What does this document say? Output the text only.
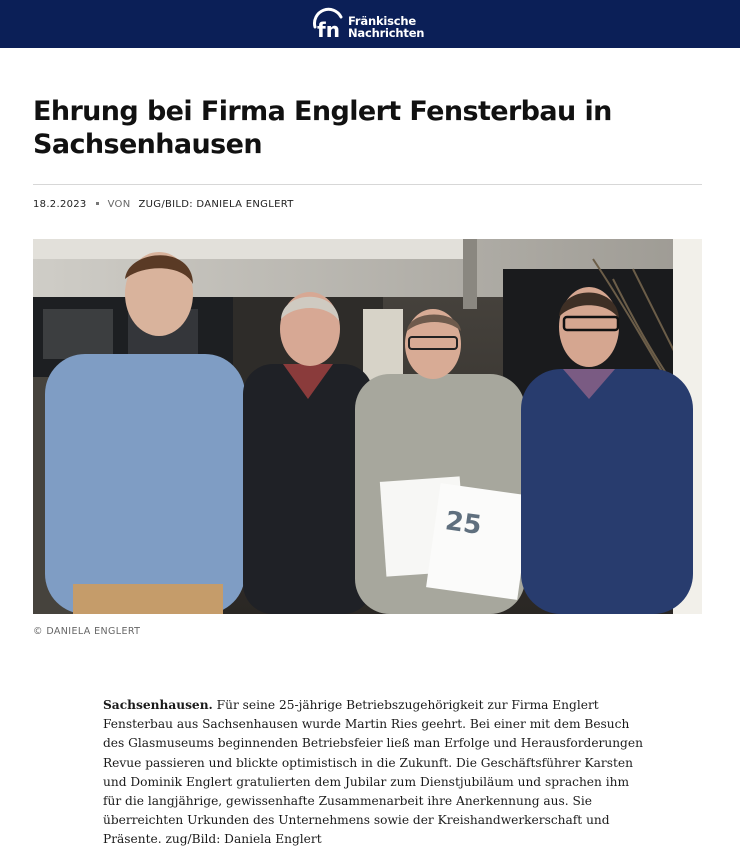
fn Fränkische
Nachrichten
Ehrung bei Firma Englert Fensterbau in Sachsenhausen
18.2.2023 VON ZUG/BILD: DANIELA ENGLERT
25
© DANIELA ENGLERT

Sachsenhausen. Für seine 25-jährige Betriebszugehörigkeit zur Firma Englert Fensterbau aus Sachsenhausen wurde Martin Ries geehrt. Bei einer mit dem Besuch des Glasmuseums beginnenden Betriebsfeier ließ man Erfolge und Herausforderungen Revue passieren und blickte optimistisch in die Zukunft. Die Geschäftsführer Karsten und Dominik Englert gratulierten dem Jubilar zum Dienstjubiläum und sprachen ihm für die langjährige, gewissenhafte Zusammenarbeit ihre Anerkennung aus. Sie überreichten Urkunden des Unternehmens sowie der Kreishandwerkerschaft und Präsente. zug/Bild: Daniela Englert
